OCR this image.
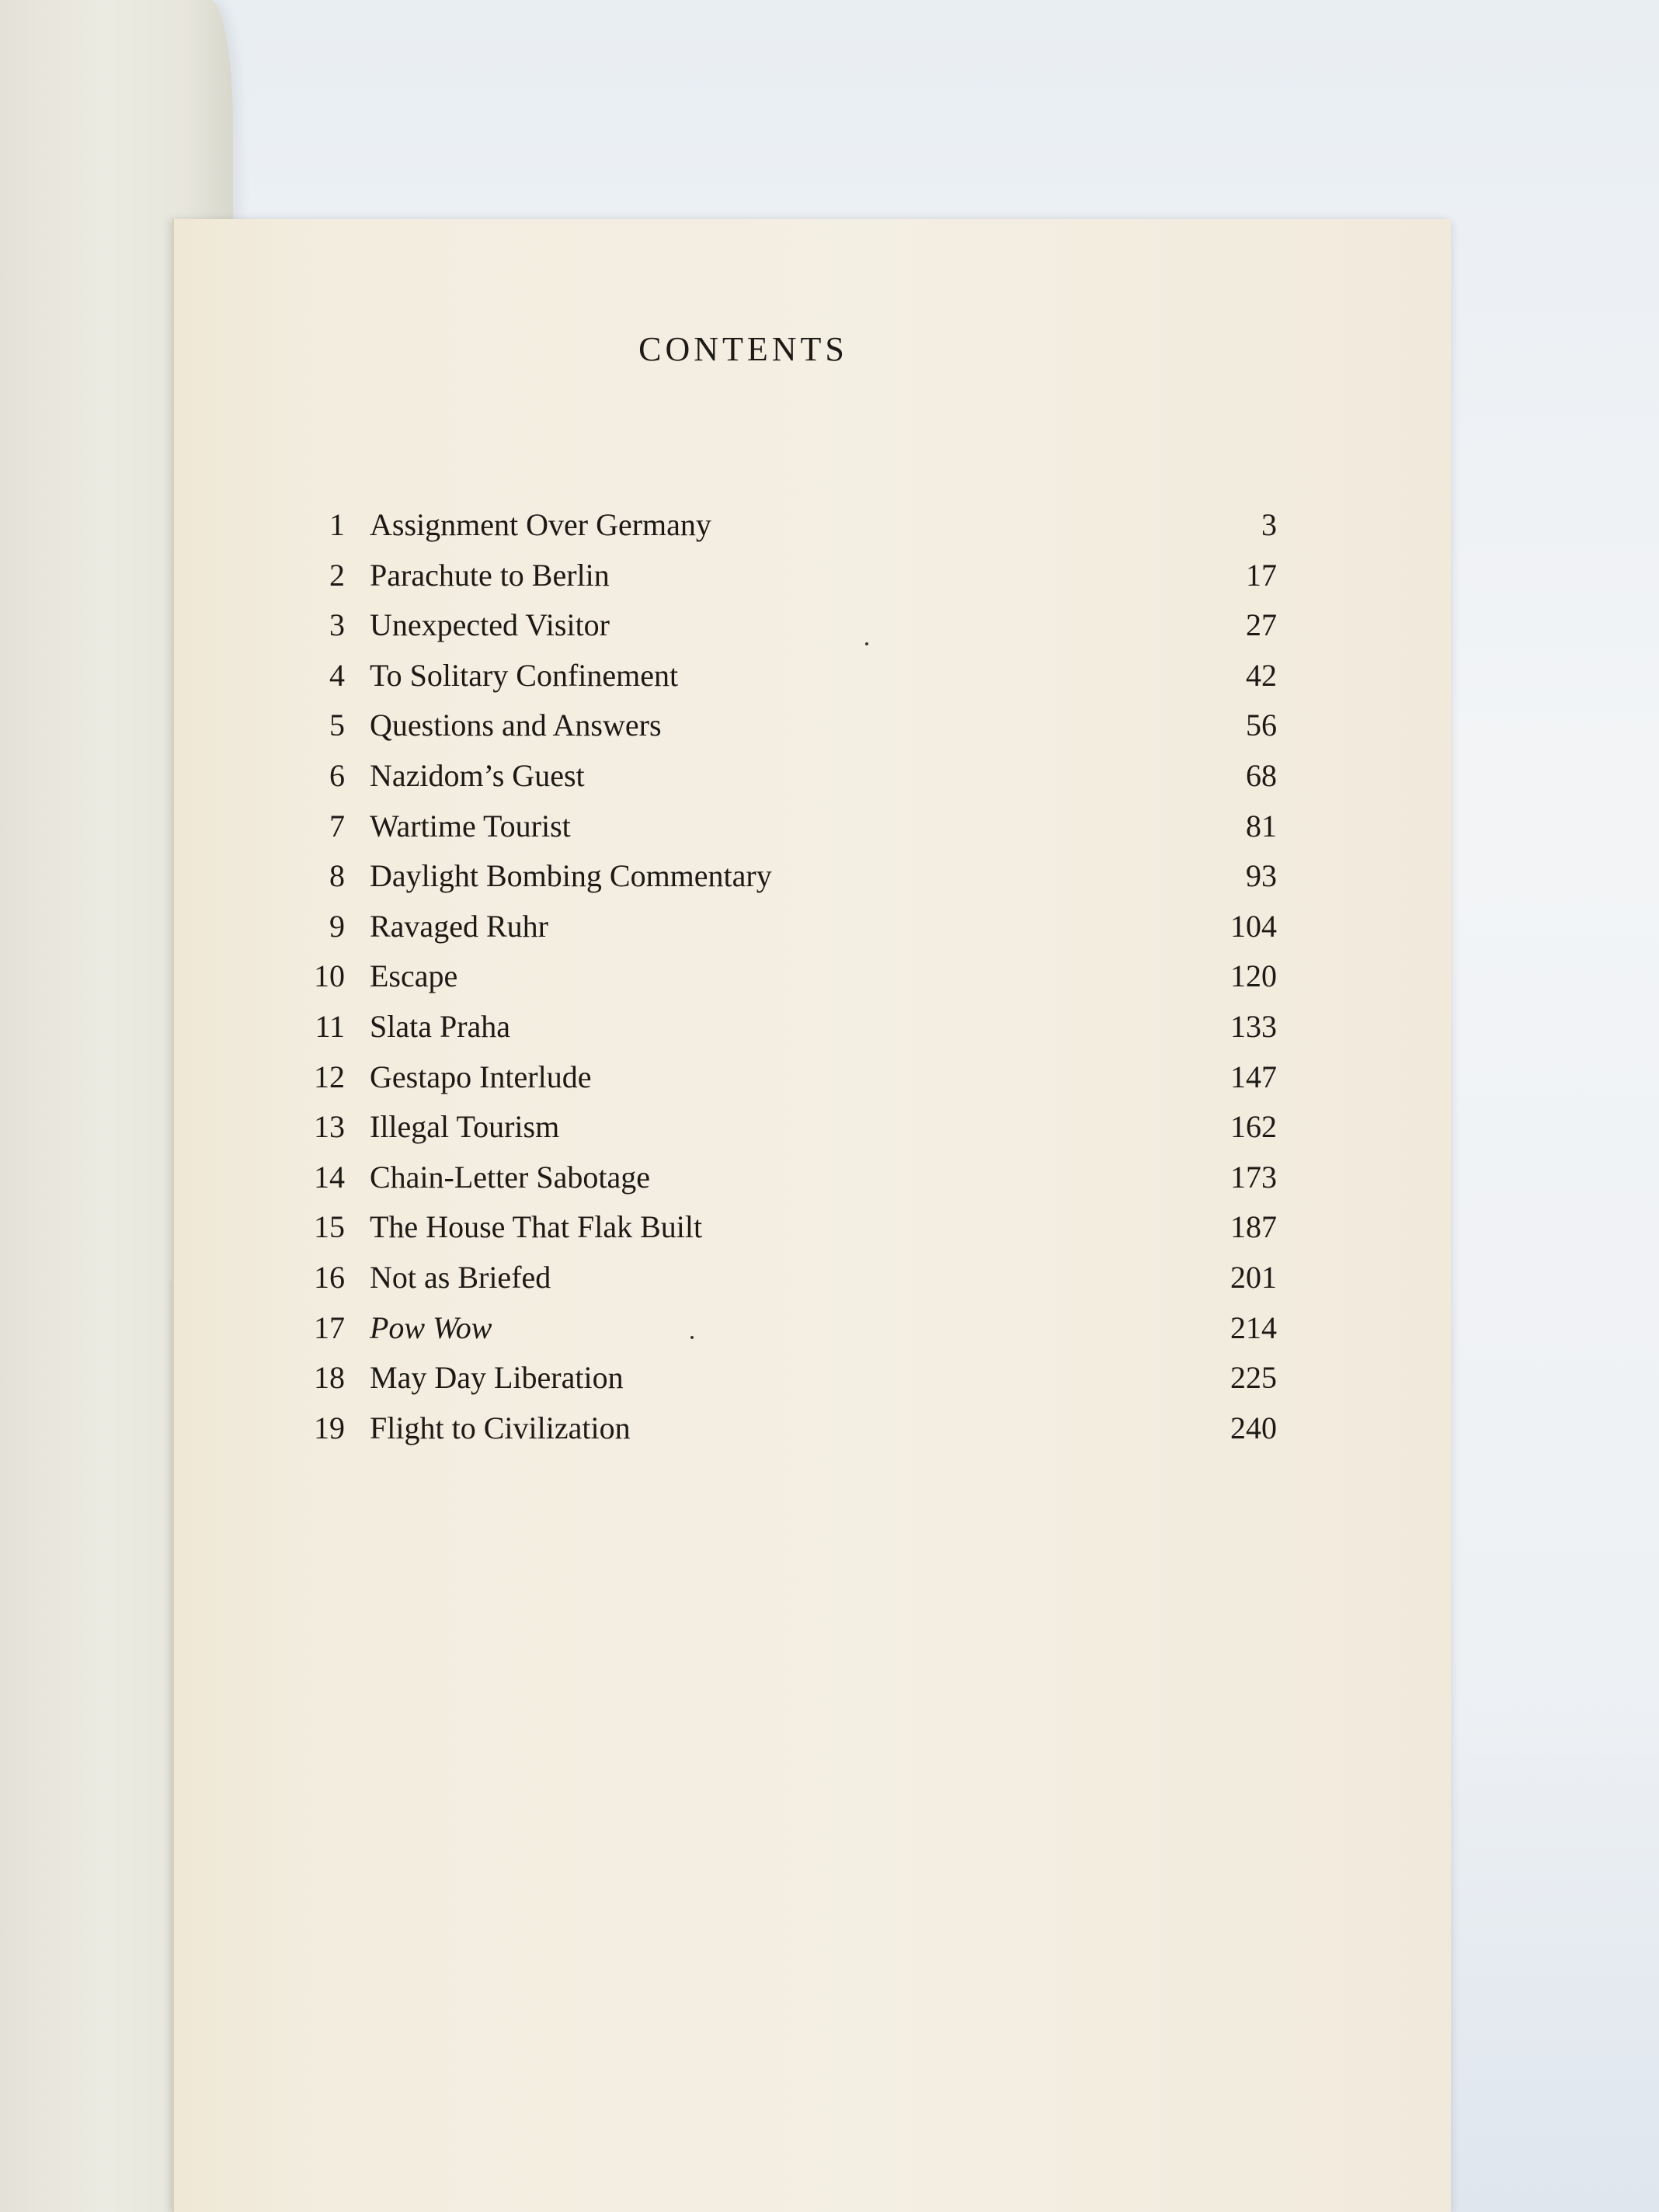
CONTENTS
1 Assignment Over Germany	3
2 Parachute to Berlin	17
3 Unexpected Visitor	27
4 To Solitary Confinement	42
5 Questions and Answers	56
6 Nazidom’s Guest	68
7 Wartime Tourist	81
8 Daylight Bombing Commentary	93
9 Ravaged Ruhr	104
10 Escape	120
11 Slata Praha	133
12 Gestapo Interlude	147
13 Illegal Tourism	162
14 Chain-Letter Sabotage	173
15 The House That Flak Built	187
16 Not as Briefed	201
17 Pow Wow	214
18 May Day Liberation	225
19 Flight to Civilization	240
